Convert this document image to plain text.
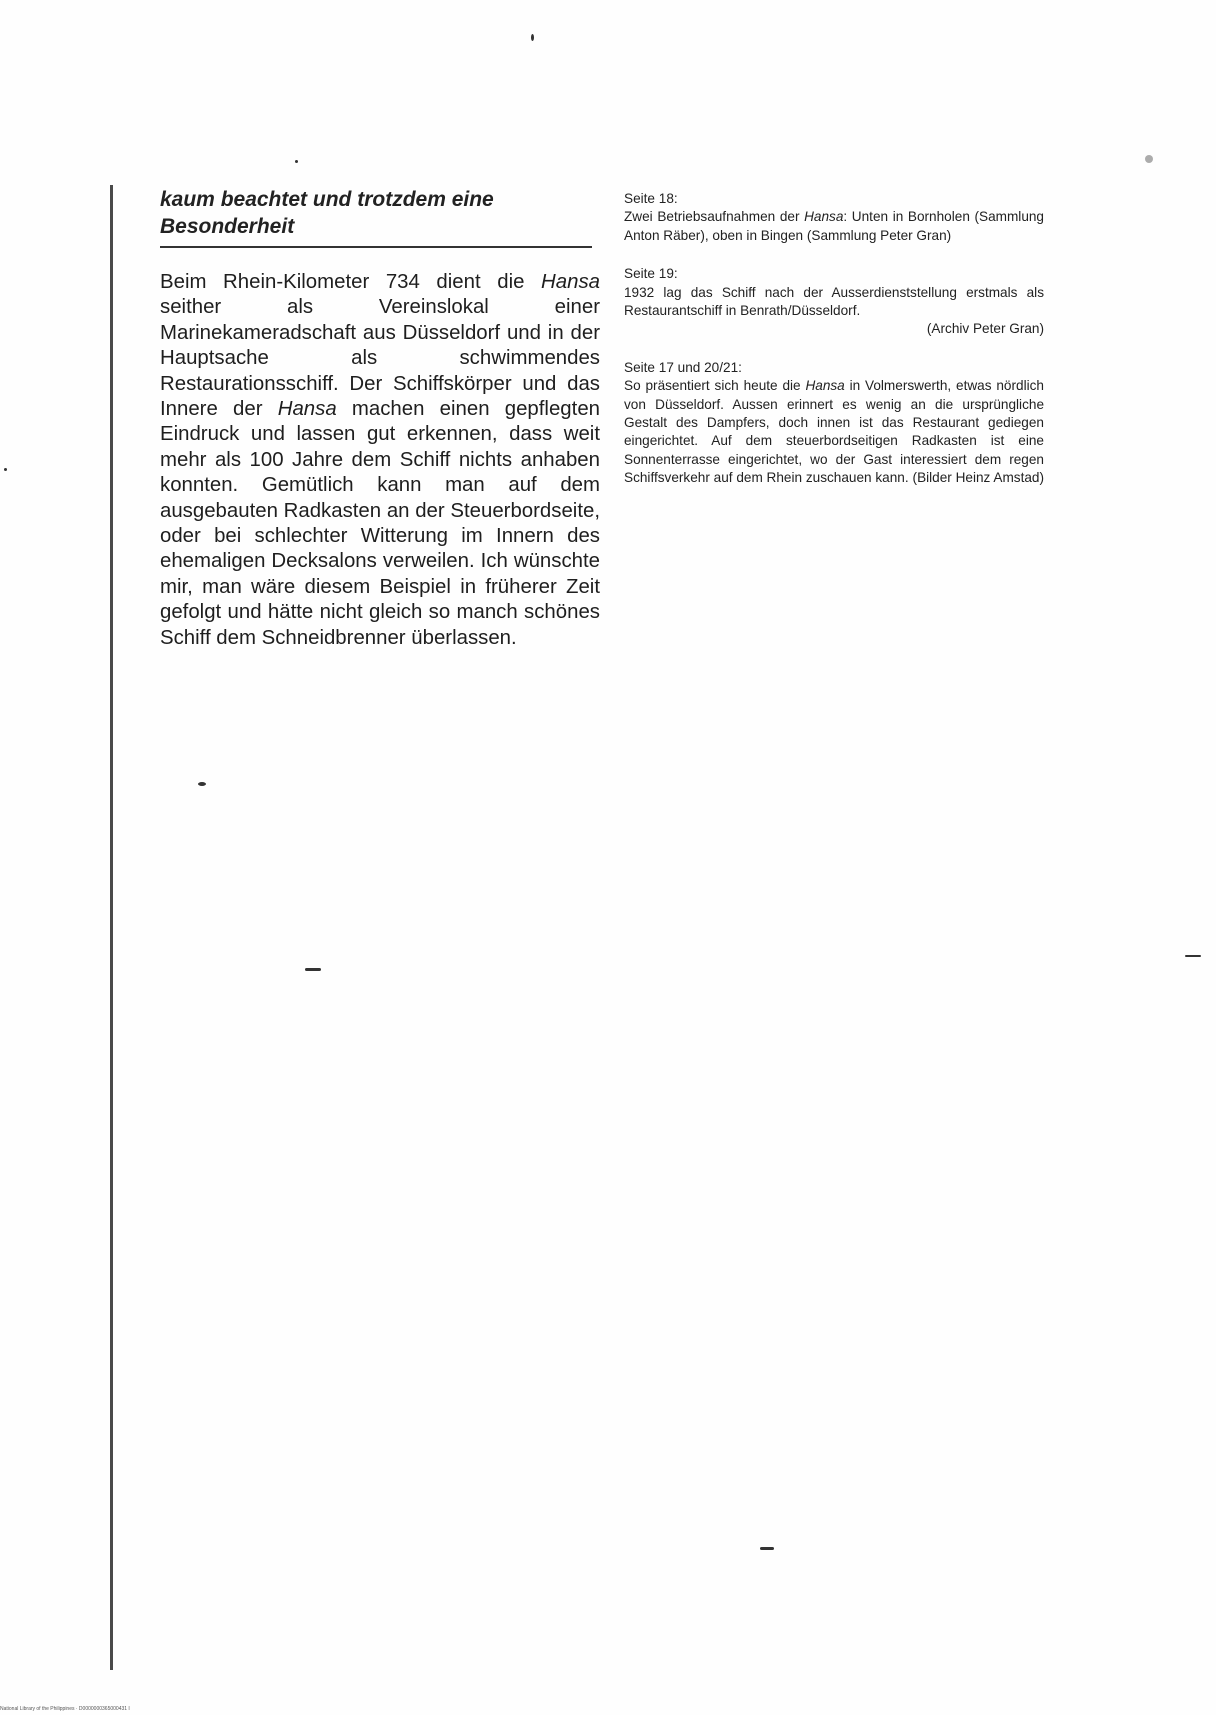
kaum beachtet und trotzdem eine
Besonderheit

Beim Rhein-Kilometer 734 dient die Hansa seither als Vereinslokal einer Marinekameradschaft aus Düsseldorf und in der Hauptsache als schwimmendes Restaurationsschiff. Der Schiffskörper und das Innere der Hansa machen einen gepflegten Eindruck und lassen gut erkennen, dass weit mehr als 100 Jahre dem Schiff nichts anhaben konnten. Gemütlich kann man auf dem ausgebauten Radkasten an der Steuerbordseite, oder bei schlechter Witterung im Innern des ehemaligen Decksalons verweilen. Ich wünschte mir, man wäre diesem Beispiel in früherer Zeit gefolgt und hätte nicht gleich so manch schönes Schiff dem Schneidbrenner überlassen.

Seite 18:

Zwei Betriebsaufnahmen der Hansa: Unten in Bornholen (Sammlung Anton Räber), oben in Bingen (Sammlung Peter Gran)

Seite 19:

1932 lag das Schiff nach der Ausserdienststellung erstmals als Restaurantschiff in Benrath/Düsseldorf.

(Archiv Peter Gran)

Seite 17 und 20/21:

So präsentiert sich heute die Hansa in Volmerswerth, etwas nördlich von Düsseldorf. Aussen erinnert es wenig an die ursprüngliche Gestalt des Dampfers, doch innen ist das Restaurant gediegen eingerichtet. Auf dem steuerbordseitigen Radkasten ist eine Sonnenterrasse eingerichtet, wo der Gast interessiert dem regen Schiffsverkehr auf dem Rhein zuschauen kann. (Bilder Heinz Amstad)

National Library of the Philippines · D0000000365000431 I
